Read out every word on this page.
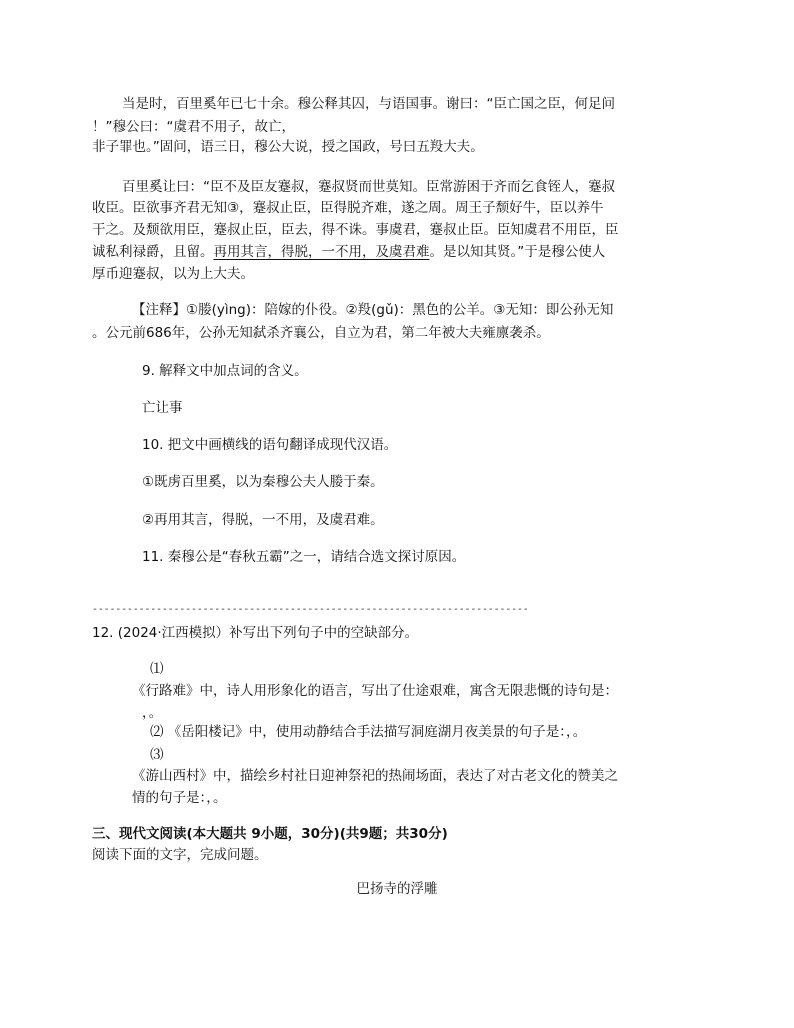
当是时，百里奚年已七十余。穆公释其囚，与语国事。谢曰：“臣亡国之臣，何足问
！”穆公曰：“虞君不用子，故亡，
非子罪也。”固问，语三日，穆公大说，授之国政，号曰五羖大夫。
百里奚让曰：“臣不及臣友蹇叔，蹇叔贤而世莫知。臣常游困于齐而乞食铚人，蹇叔
收臣。臣欲事齐君无知③，蹇叔止臣，臣得脱齐难，遂之周。周王子颓好牛，臣以养牛
干之。及颓欲用臣，蹇叔止臣，臣去，得不诛。事虞君，蹇叔止臣。臣知虞君不用臣，臣
诚私利禄爵，且留。再用其言，得脱，一不用，及虞君难。是以知其贤。”于是穆公使人
厚币迎蹇叔，以为上大夫。
【注释】①媵(yìng)：陪嫁的仆役。②羖(gǔ)：黑色的公羊。③无知：即公孙无知
。公元前686年，公孙无知弑杀齐襄公，自立为君，第二年被大夫雍廪袭杀。
9. 解释文中加点词的含义。
亡让事
10. 把文中画横线的语句翻译成现代汉语。
①既虏百里奚，以为秦穆公夫人媵于秦。
②再用其言，得脱，一不用，及虞君难。
11. 秦穆公是“春秋五霸”之一，请结合选文探讨原因。
---------------------------------------------------------------------------
12. (2024·江西模拟）补写出下列句子中的空缺部分。
⑴
《行路难》中，诗人用形象化的语言，写出了仕途艰难，寓含无限悲慨的诗句是：
，。
⑵ 《岳阳楼记》中，使用动静结合手法描写洞庭湖月夜美景的句子是：，。
⑶
《游山西村》中，描绘乡村社日迎神祭祀的热闹场面，表达了对古老文化的赞美之
情的句子是：，。
三、现代文阅读(本大题共 9小题，30分)(共9题；共30分)
阅读下面的文字，完成问题。
巴扬寺的浮雕
